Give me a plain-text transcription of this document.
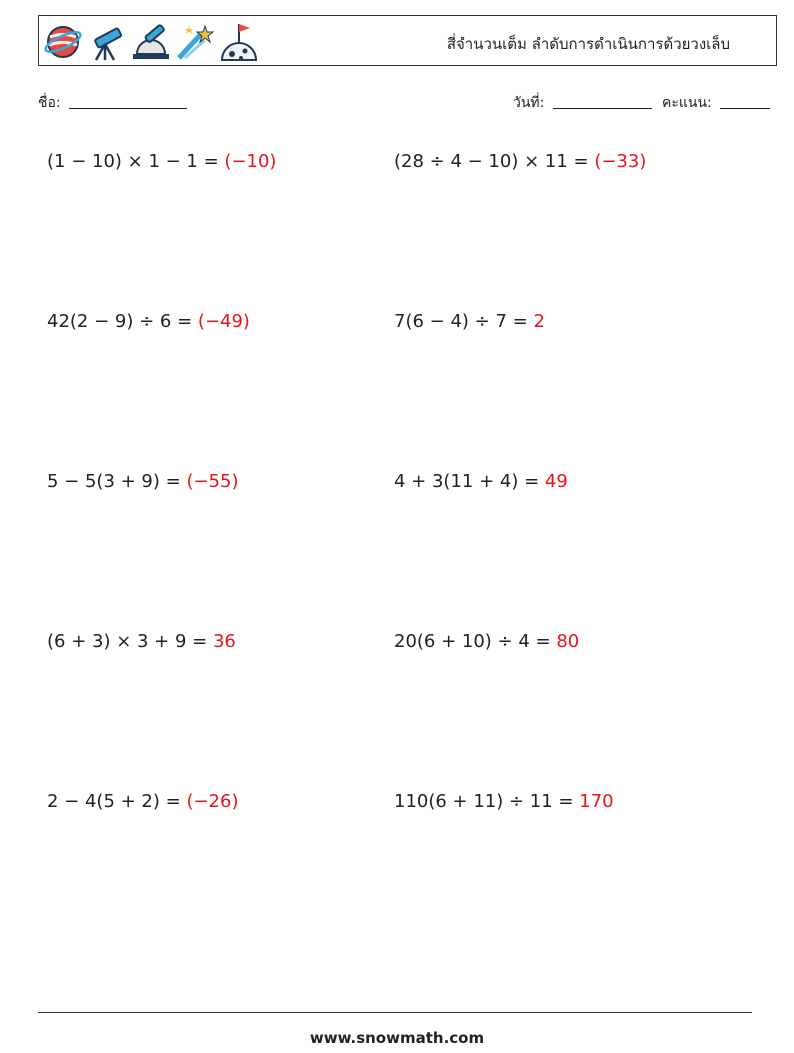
สี่จำนวนเต็ม ลำดับการดำเนินการด้วยวงเล็บ
ชื่อ:	วันที่:	คะแนน:
(1 − 10) × 1 − 1 = (−10)	(28 ÷ 4 − 10) × 11 = (−33)
42(2 − 9) ÷ 6 = (−49)	7(6 − 4) ÷ 7 = 2
5 − 5(3 + 9) = (−55)	4 + 3(11 + 4) = 49
(6 + 3) × 3 + 9 = 36	20(6 + 10) ÷ 4 = 80
2 − 4(5 + 2) = (−26)	110(6 + 11) ÷ 11 = 170
www.snowmath.com
